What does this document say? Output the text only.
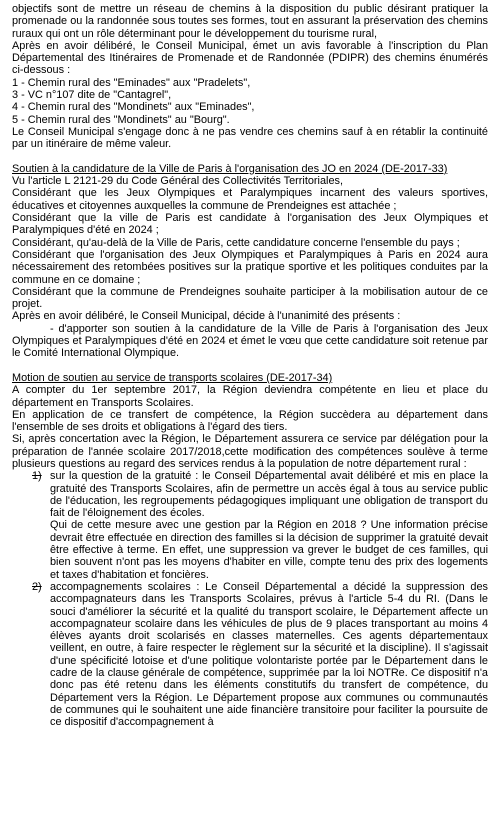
objectifs sont de mettre un réseau de chemins à la disposition du public désirant pratiquer la promenade ou la randonnée sous toutes ses formes, tout en assurant la préservation des chemins ruraux qui ont un rôle déterminant pour le développement du tourisme rural,

Après en avoir délibéré, le Conseil Municipal, émet un avis favorable à l'inscription du Plan Départemental des Itinéraires de Promenade et de Randonnée (PDIPR) des chemins énumérés ci-dessous :

1 - Chemin rural des "Eminades" aux "Pradelets",

3 - VC n°107 dite de "Cantagrel",

4 - Chemin rural des "Mondinets" aux "Eminades",

5 - Chemin rural des "Mondinets" au "Bourg".

Le Conseil Municipal s'engage donc à ne pas vendre ces chemins sauf à en rétablir la continuité par un itinéraire de même valeur.

Soutien à la candidature de la Ville de Paris à l'organisation des JO en 2024 (DE-2017-33)

Vu l'article L 2121-29 du Code Général des Collectivités Territoriales,

Considérant que les Jeux Olympiques et Paralympiques incarnent des valeurs sportives, éducatives et citoyennes auxquelles la commune de Prendeignes est attachée ;

Considérant que la ville de Paris est candidate à l'organisation des Jeux Olympiques et Paralympiques d'été en 2024 ;

Considérant, qu'au-delà de la Ville de Paris, cette candidature concerne l'ensemble du pays ;

Considérant que l'organisation des Jeux Olympiques et Paralympiques à Paris en 2024 aura nécessairement des retombées positives sur la pratique sportive et les politiques conduites par la commune en ce domaine ;

Considérant que la commune de Prendeignes souhaite participer à la mobilisation autour de ce projet.

Après en avoir délibéré, le Conseil Municipal, décide à l'unanimité des présents :

- d'apporter son soutien à la candidature de la Ville de Paris à l'organisation des Jeux Olympiques et Paralympiques d'été en 2024 et émet le vœu que cette candidature soit retenue par le Comité International Olympique.

Motion de soutien au service de transports scolaires (DE-2017-34)

A compter du 1er septembre 2017, la Région deviendra compétente en lieu et place du département en Transports Scolaires.

En application de ce transfert de compétence, la Région succèdera au département dans l'ensemble de ses droits et obligations à l'égard des tiers.

Si, après concertation avec la Région, le Département assurera ce service par délégation pour la préparation de l'année scolaire 2017/2018,cette modification des compétences soulève à terme plusieurs questions au regard des services rendus à la population de notre département rural :

1) sur la question de la gratuité : le Conseil Départemental avait délibéré et mis en place la gratuité des Transports Scolaires, afin de permettre un accès égal à tous au service public de l'éducation, les regroupements pédagogiques impliquant une obligation de transport du fait de l'éloignement des écoles.

Qui de cette mesure avec une gestion par la Région en 2018 ? Une information précise devrait être effectuée en direction des familles si la décision de supprimer la gratuité devait être effective à terme. En effet, une suppression va grever le budget de ces familles, qui bien souvent n'ont pas les moyens d'habiter en ville, compte tenu des prix des logements et taxes d'habitation et foncières.

2) accompagnements scolaires : Le Conseil Départemental a décidé la suppression des accompagnateurs dans les Transports Scolaires, prévus à l'article 5-4 du RI. (Dans le souci d'améliorer la sécurité et la qualité du transport scolaire, le Département affecte un accompagnateur scolaire dans les véhicules de plus de 9 places transportant au moins 4 élèves ayants droit scolarisés en classes maternelles. Ces agents départementaux veillent, en outre, à faire respecter le règlement sur la sécurité et la discipline). Il s'agissait d'une spécificité lotoise et d'une politique volontariste portée par le Département dans le cadre de la clause générale de compétence, supprimée par la loi NOTRe. Ce dispositif n'a donc pas été retenu dans les éléments constitutifs du transfert de compétence, du Département vers la Région. Le Département propose aux communes ou communautés de communes qui le souhaitent une aide financière transitoire pour faciliter la poursuite de ce dispositif d'accompagnement à
